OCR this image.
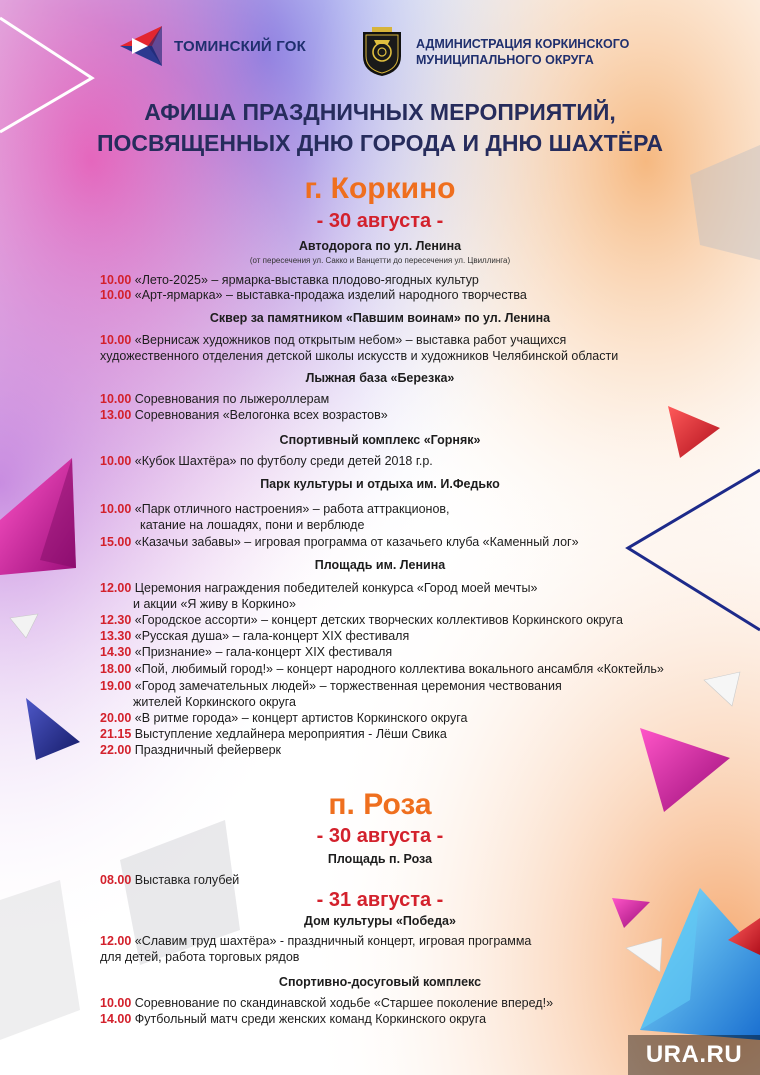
ТОМИНСКИЙ ГОК	АДМИНИСТРАЦИЯ КОРКИНСКОГО
МУНИЦИПАЛЬНОГО ОКРУГА
АФИША ПРАЗДНИЧНЫХ МЕРОПРИЯТИЙ,
ПОСВЯЩЕННЫХ ДНЮ ГОРОДА И ДНЮ ШАХТЁРА
г. Коркино
- 30 августа -
Автодорога по ул. Ленина
(от пересечения ул. Сакко и Ванцетти до пересечения ул. Цвиллинга)
10.00 «Лето-2025» – ярмарка-выставка плодово-ягодных культур
10.00 «Арт-ярмарка» – выставка-продажа изделий народного творчества
Сквер за памятником «Павшим воинам» по ул. Ленина
10.00 «Вернисаж художников под открытым небом» – выставка работ учащихся
художественного отделения детской школы искусств и художников Челябинской области
Лыжная база «Березка»
10.00 Соревнования по лыжероллерам
13.00 Соревнования «Велогонка всех возрастов»
Спортивный комплекс «Горняк»
10.00 «Кубок Шахтёра» по футболу среди детей 2018 г.р.
Парк культуры и отдыха им. И.Федько
10.00 «Парк отличного настроения» – работа аттракционов,
катание на лошадях, пони и верблюде
15.00 «Казачьи забавы» – игровая программа от казачьего клуба «Каменный лог»
Площадь им. Ленина
12.00 Церемония награждения победителей конкурса «Город моей мечты»
и акции «Я живу в Коркино»
12.30 «Городское ассорти» – концерт детских творческих коллективов Коркинского округа
13.30 «Русская душа» – гала-концерт XIX фестиваля
14.30 «Признание» – гала-концерт XIX фестиваля
18.00 «Пой, любимый город!» – концерт народного коллектива вокального ансамбля «Коктейль»
19.00 «Город замечательных людей» – торжественная церемония чествования
жителей Коркинского округа
20.00 «В ритме города» – концерт артистов Коркинского округа
21.15 Выступление хедлайнера мероприятия - Лёши Свика
22.00 Праздничный фейерверк
п. Роза
- 30 августа -
Площадь п. Роза
08.00 Выставка голубей
- 31 августа -
Дом культуры «Победа»
12.00 «Славим труд шахтёра» - праздничный концерт, игровая программа
для детей, работа торговых рядов
Спортивно-досуговый комплекс
10.00 Соревнование по скандинавской ходьбе «Старшее поколение вперед!»
14.00 Футбольный матч среди женских команд Коркинского округа
URA.RU
